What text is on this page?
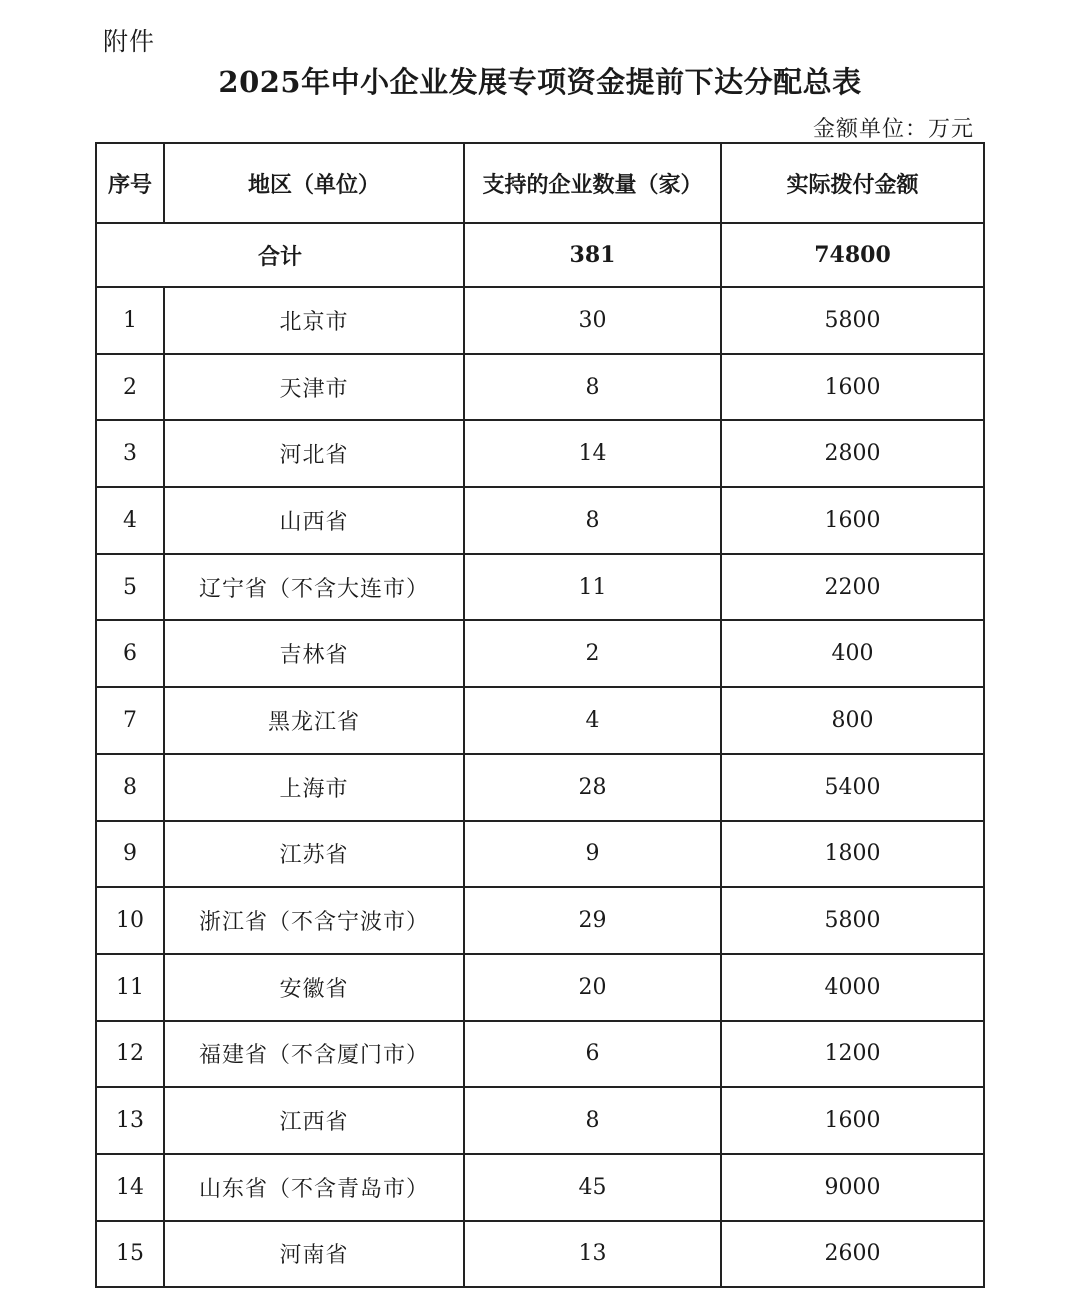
附件
2025年中小企业发展专项资金提前下达分配总表
金额单位：万元
序号	地区（单位）	支持的企业数量（家）	实际拨付金额
合计		381	74800
1	北京市	30	5800
2	天津市	8	1600
3	河北省	14	2800
4	山西省	8	1600
5	辽宁省（不含大连市）	11	2200
6	吉林省	2	400
7	黑龙江省	4	800
8	上海市	28	5400
9	江苏省	9	1800
10	浙江省（不含宁波市）	29	5800
11	安徽省	20	4000
12	福建省（不含厦门市）	6	1200
13	江西省	8	1600
14	山东省（不含青岛市）	45	9000
15	河南省	13	2600
